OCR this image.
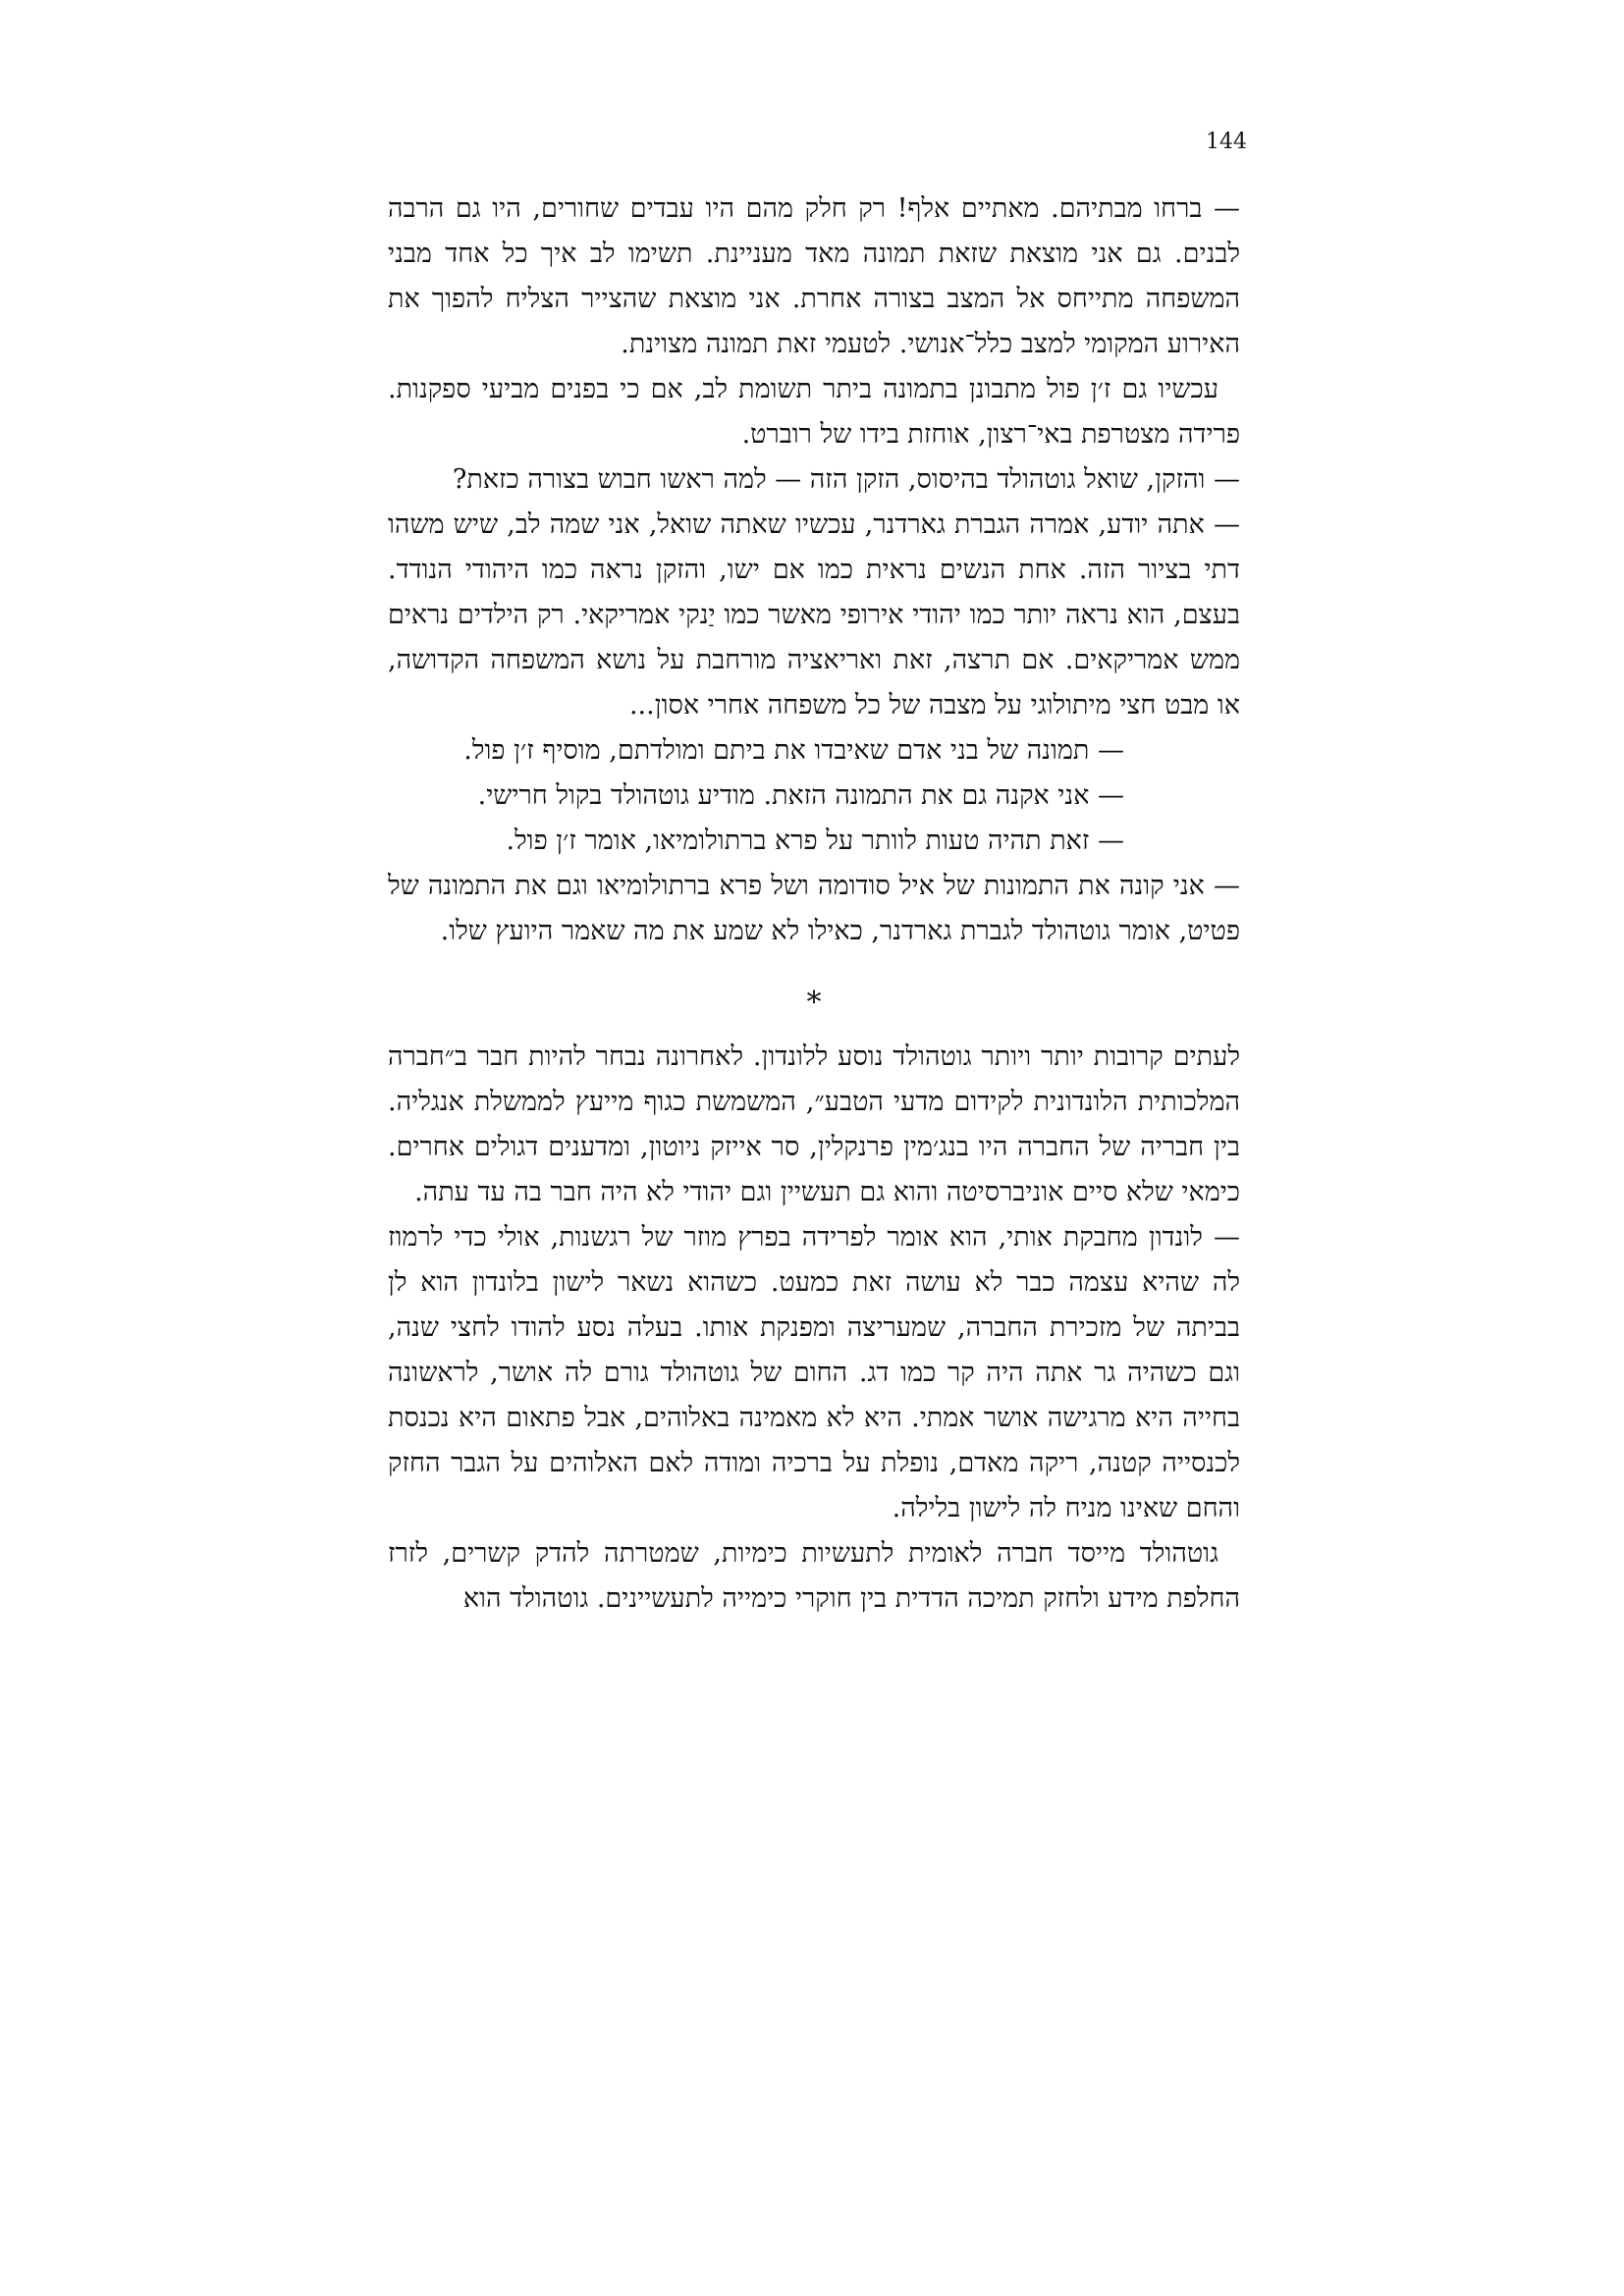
144

— ברחו מבתיהם. מאתיים אלף! רק חלק מהם היו עבדים שחורים, היו גם הרבה לבנים. גם אני מוצאת שזאת תמונה מאד מעניינת. תשימו לב איך כל אחד מבני המשפחה מתייחס אל המצב בצורה אחרת. אני מוצאת שהצייר הצליח להפוך את האירוע המקומי למצב כלל־אנושי. לטעמי זאת תמונה מצוינת.

עכשיו גם ז׳ן פול מתבונן בתמונה ביתר תשומת לב, אם כי בפנים מביעי ספקנות. פרידה מצטרפת באי־רצון, אוחזת בידו של רוברט.

— והזקן, שואל גוטהולד בהיסוס, הזקן הזה — למה ראשו חבוש בצורה כזאת?

— אתה יודע, אמרה הגברת גארדנר, עכשיו שאתה שואל, אני שמה לב, שיש משהו דתי בציור הזה. אחת הנשים נראית כמו אם ישו, והזקן נראה כמו היהודי הנודד. בעצם, הוא נראה יותר כמו יהודי אירופי מאשר כמו יַנקי אמריקאי. רק הילדים נראים ממש אמריקאים. אם תרצה, זאת ואריאציה מורחבת על נושא המשפחה הקדושה, או מבט חצי מיתולוגי על מצבה של כל משפחה אחרי אסון...

— תמונה של בני אדם שאיבדו את ביתם ומולדתם, מוסיף ז׳ן פול.

— אני אקנה גם את התמונה הזאת. מודיע גוטהולד בקול חרישי.

— זאת תהיה טעות לוותר על פרא ברתולומיאו, אומר ז׳ן פול.

— אני קונה את התמונות של איל סודומה ושל פרא ברתולומיאו וגם את התמונה של פטיט, אומר גוטהולד לגברת גארדנר, כאילו לא שמע את מה שאמר היועץ שלו.

*

לעתים קרובות יותר ויותר גוטהולד נוסע ללונדון. לאחרונה נבחר להיות חבר ב״חברה המלכותית הלונדונית לקידום מדעי הטבע״, המשמשת כגוף מייעץ לממשלת אנגליה. בין חבריה של החברה היו בנג׳מין פרנקלין, סר אייזק ניוטון, ומדענים דגולים אחרים. כימאי שלא סיים אוניברסיטה והוא גם תעשיין וגם יהודי לא היה חבר בה עד עתה.

— לונדון מחבקת אותי, הוא אומר לפרידה בפרץ מוזר של רגשנות, אולי כדי לרמוז לה שהיא עצמה כבר לא עושה זאת כמעט. כשהוא נשאר לישון בלונדון הוא לן בביתה של מזכירת החברה, שמעריצה ומפנקת אותו. בעלה נסע להודו לחצי שנה, וגם כשהיה גר אתה היה קר כמו דג. החום של גוטהולד גורם לה אושר, לראשונה בחייה היא מרגישה אושר אמתי. היא לא מאמינה באלוהים, אבל פתאום היא נכנסת לכנסייה קטנה, ריקה מאדם, נופלת על ברכיה ומודה לאם האלוהים על הגבר החזק והחם שאינו מניח לה לישון בלילה.

גוטהולד מייסד חברה לאומית לתעשיות כימיות, שמטרתה להדק קשרים, לזרז החלפת מידע ולחזק תמיכה הדדית בין חוקרי כימייה לתעשיינים. גוטהולד הוא
